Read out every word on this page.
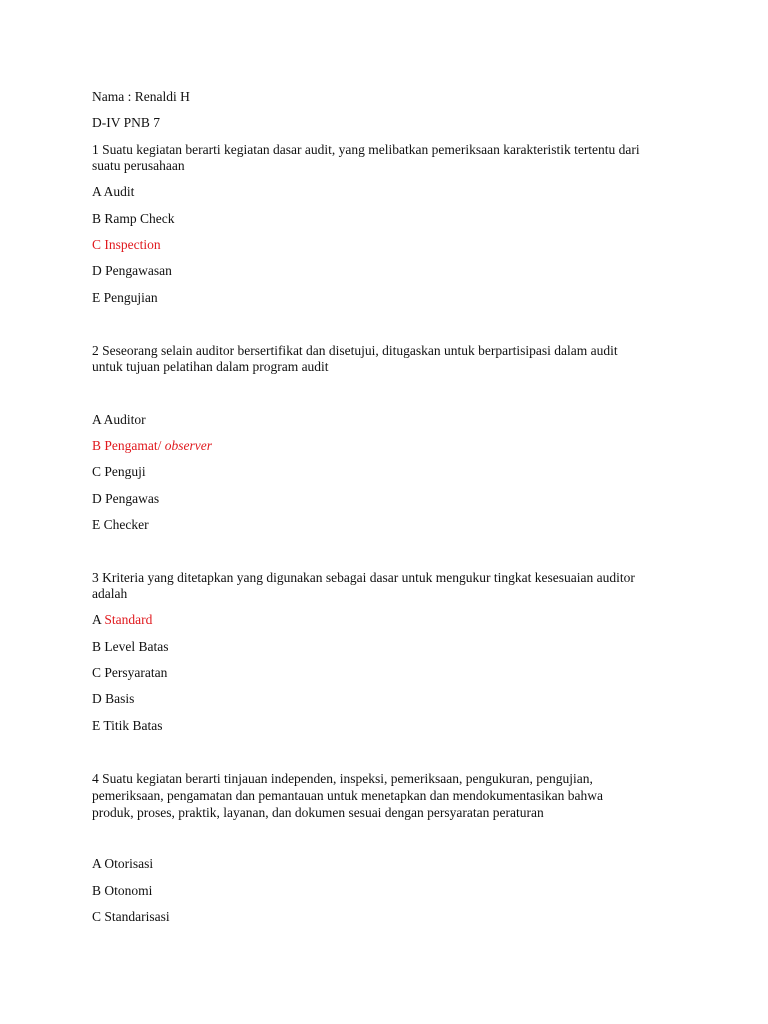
Nama : Renaldi H
D-IV PNB 7
1 Suatu kegiatan berarti kegiatan dasar audit, yang melibatkan pemeriksaan karakteristik tertentu dari
suatu perusahaan
A Audit
B Ramp Check
C Inspection
D Pengawasan
E Pengujian
2 Seseorang selain auditor bersertifikat dan disetujui, ditugaskan untuk berpartisipasi dalam audit
untuk tujuan pelatihan dalam program audit
A Auditor
B Pengamat/ observer
C Penguji
D Pengawas
E Checker
3 Kriteria yang ditetapkan yang digunakan sebagai dasar untuk mengukur tingkat kesesuaian auditor
adalah
A Standard
B Level Batas
C Persyaratan
D Basis
E Titik Batas
4 Suatu kegiatan berarti tinjauan independen, inspeksi, pemeriksaan, pengukuran, pengujian,
pemeriksaan, pengamatan dan pemantauan untuk menetapkan dan mendokumentasikan bahwa
produk, proses, praktik, layanan, dan dokumen sesuai dengan persyaratan peraturan
A Otorisasi
B Otonomi
C Standarisasi
